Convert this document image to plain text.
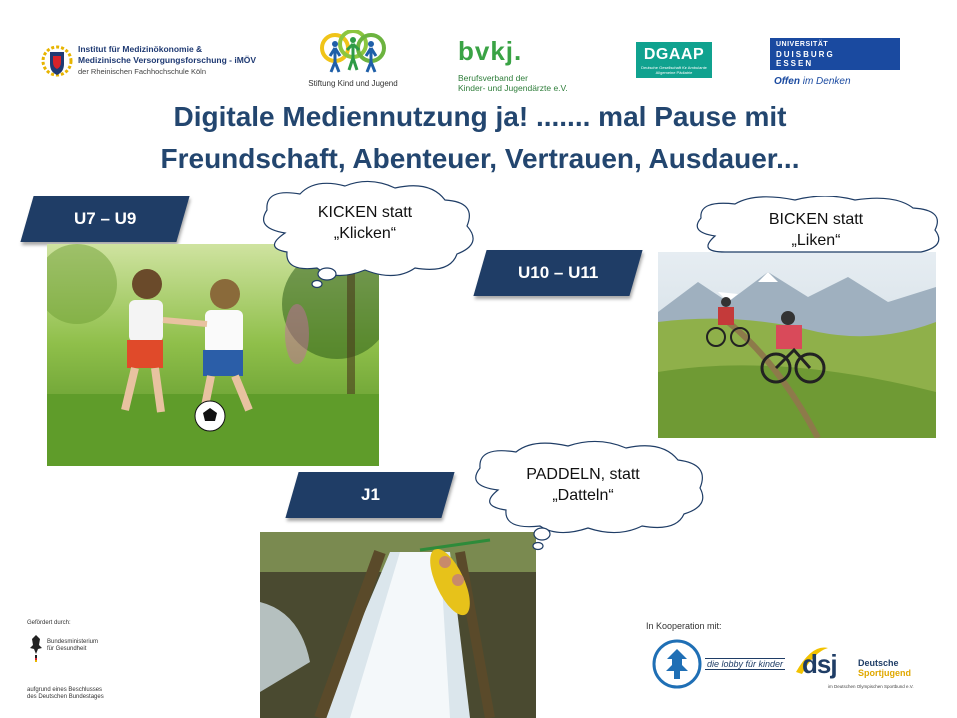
Institut für Medizinökonomie &
Medizinische Versorgungsforschung - iMÖV
der Rheinischen Fachhochschule Köln
Stiftung Kind und Jugend
bvkj.
Berufsverband der
Kinder- und Jugendärzte e.V.
DGAAP
Deutsche Gesellschaft für Ambulante Allgemeine Pädiatrie
UNIVERSITÄT
DUISBURG
ESSEN
Offen im Denken
Digitale Mediennutzung ja! ....... mal Pause mit
Freundschaft, Abenteuer, Vertrauen, Ausdauer...
U7 – U9	KICKEN statt
„Klicken“
U10 – U11
BICKEN statt
„Liken“
J1
PADDELN, statt
„Datteln“
Gefördert durch:
Bundesministerium
für Gesundheit
aufgrund eines Beschlusses
des Deutschen Bundestages
In Kooperation mit:
die lobby für kinder dsj Deutsche
Sportjugend
im Deutschen Olympischen Sportbund e.V.
